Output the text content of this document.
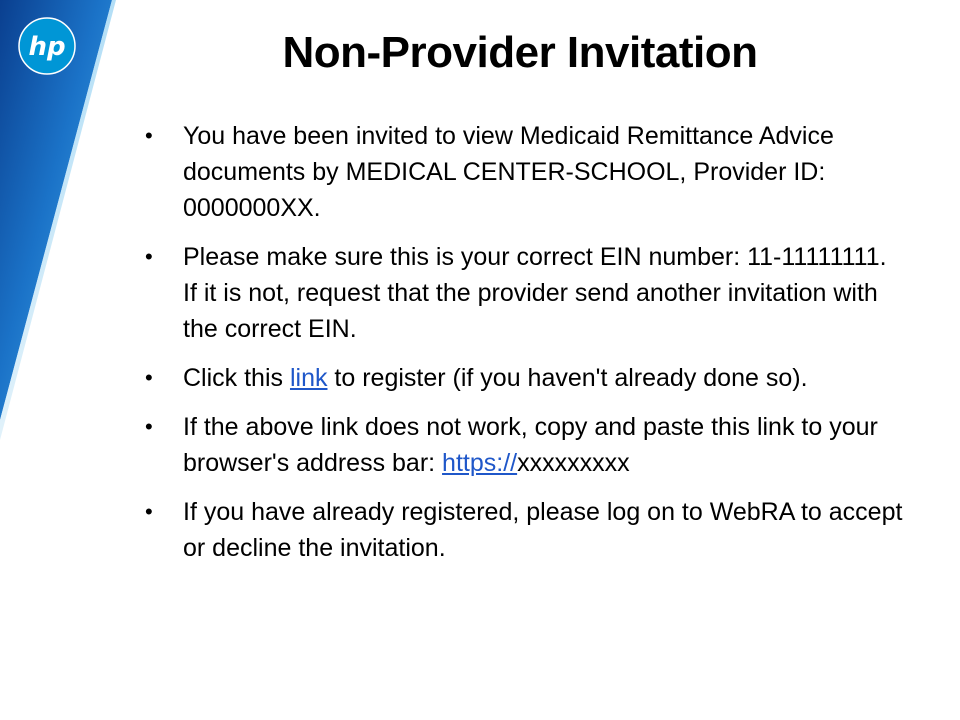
hp	Non-Provider Invitation
• You have been invited to view Medicaid Remittance Advice documents by MEDICAL CENTER-SCHOOL, Provider ID: 0000000XX.
• Please make sure this is your correct EIN number: 11-11111111. If it is not, request that the provider send another invitation with the correct EIN.
• Click this link to register (if you haven't already done so).
• If the above link does not work, copy and paste this link to your browser's address bar: https://xxxxxxxxx
• If you have already registered, please log on to WebRA to accept or decline the invitation.
